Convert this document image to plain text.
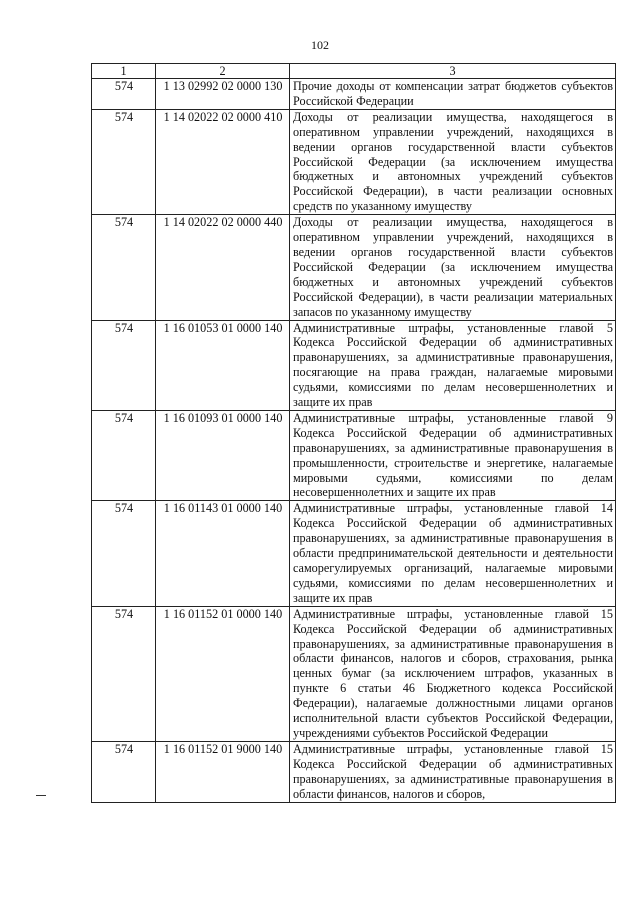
102
1	2	3
574	1 13 02992 02 0000 130	Прочие доходы от компенсации затрат бюджетов субъектов Российской Федерации
574	1 14 02022 02 0000 410	Доходы от реализации имущества, находящегося в оперативном управлении учреждений, находящихся в ведении органов государственной власти субъектов Российской Федерации (за исключением имущества бюджетных и автономных учреждений субъектов Российской Федерации), в части реализации основных средств по указанному имуществу
574	1 14 02022 02 0000 440	Доходы от реализации имущества, находящегося в оперативном управлении учреждений, находящихся в ведении органов государственной власти субъектов Российской Федерации (за исключением имущества бюджетных и автономных учреждений субъектов Российской Федерации), в части реализации материальных запасов по указанному имуществу
574	1 16 01053 01 0000 140	Административные штрафы, установленные главой 5 Кодекса Российской Федерации об административных правонарушениях, за административные правонарушения, посягающие на права граждан, налагаемые мировыми судьями, комиссиями по делам несовершеннолетних и защите их прав
574	1 16 01093 01 0000 140	Административные штрафы, установленные главой 9 Кодекса Российской Федерации об административных правонарушениях, за административные правонарушения в промышленности, строительстве и энергетике, налагаемые мировыми судьями, комиссиями по делам несовершеннолетних и защите их прав
574	1 16 01143 01 0000 140	Административные штрафы, установленные главой 14 Кодекса Российской Федерации об административных правонарушениях, за административные правонарушения в области предпринимательской деятельности и деятельности саморегулируемых организаций, налагаемые мировыми судьями, комиссиями по делам несовершеннолетних и защите их прав
574	1 16 01152 01 0000 140	Административные штрафы, установленные главой 15 Кодекса Российской Федерации об административных правонарушениях, за административные правонарушения в области финансов, налогов и сборов, страхования, рынка ценных бумаг (за исключением штрафов, указанных в пункте 6 статьи 46 Бюджетного кодекса Российской Федерации), налагаемые должностными лицами органов исполнительной власти субъектов Российской Федерации, учреждениями субъектов Российской Федерации
574	1 16 01152 01 9000 140	Административные штрафы, установленные главой 15 Кодекса Российской Федерации об административных правонарушениях, за административные правонарушения в области финансов, налогов и сборов,
